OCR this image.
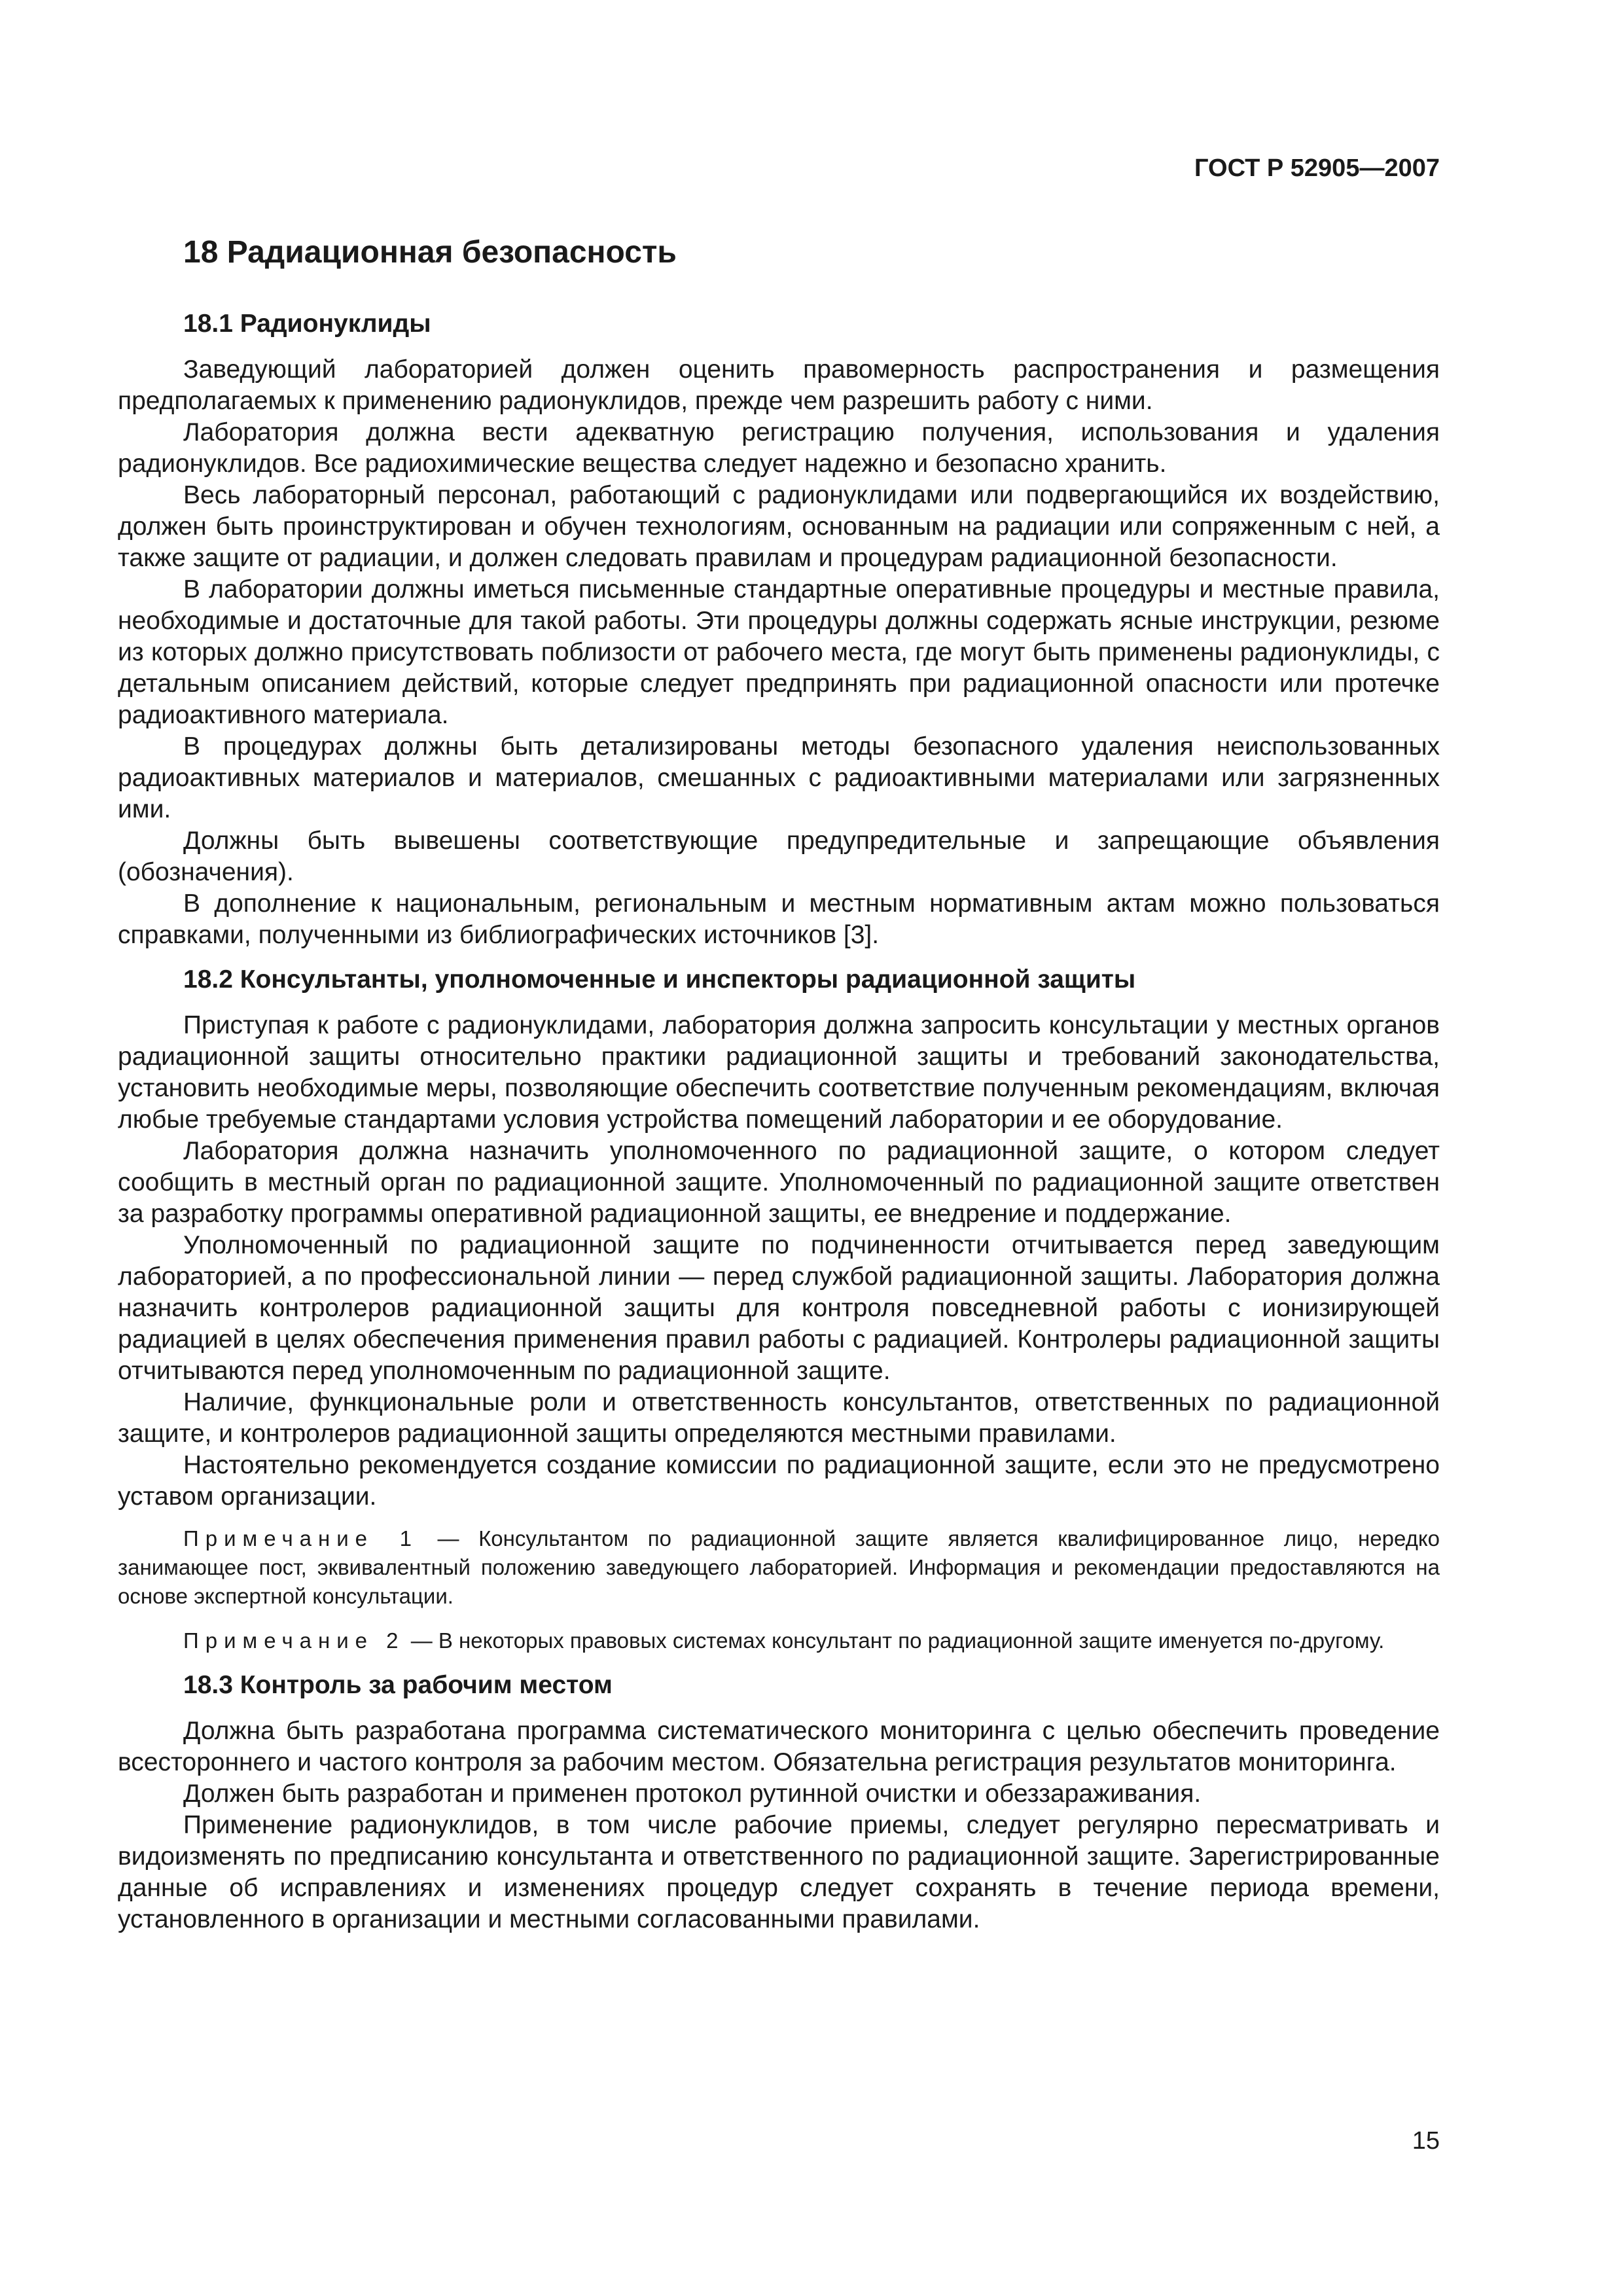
ГОСТ Р 52905—2007
18 Радиационная безопасность
18.1 Радионуклиды

Заведующий лабораторией должен оценить правомерность распространения и размещения предполагаемых к применению радионуклидов, прежде чем разрешить работу с ними.

Лаборатория должна вести адекватную регистрацию получения, использования и удаления радионуклидов. Все радиохимические вещества следует надежно и безопасно хранить.

Весь лабораторный персонал, работающий с радионуклидами или подвергающийся их воздействию, должен быть проинструктирован и обучен технологиям, основанным на радиации или сопряженным с ней, а также защите от радиации, и должен следовать правилам и процедурам радиационной безопасности.

В лаборатории должны иметься письменные стандартные оперативные процедуры и местные правила, необходимые и достаточные для такой работы. Эти процедуры должны содержать ясные инструкции, резюме из которых должно присутствовать поблизости от рабочего места, где могут быть применены радионуклиды, с детальным описанием действий, которые следует предпринять при радиационной опасности или протечке радиоактивного материала.

В процедурах должны быть детализированы методы безопасного удаления неиспользованных радиоактивных материалов и материалов, смешанных с радиоактивными материалами или загрязненных ими.

Должны быть вывешены соответствующие предупредительные и запрещающие объявления (обозначения).

В дополнение к национальным, региональным и местным нормативным актам можно пользоваться справками, полученными из библиографических источников [3].

18.2 Консультанты, уполномоченные и инспекторы радиационной защиты

Приступая к работе с радионуклидами, лаборатория должна запросить консультации у местных органов радиационной защиты относительно практики радиационной защиты и требований законодательства, установить необходимые меры, позволяющие обеспечить соответствие полученным рекомендациям, включая любые требуемые стандартами условия устройства помещений лаборатории и ее оборудование.

Лаборатория должна назначить уполномоченного по радиационной защите, о котором следует сообщить в местный орган по радиационной защите. Уполномоченный по радиационной защите ответствен за разработку программы оперативной радиационной защиты, ее внедрение и поддержание.

Уполномоченный по радиационной защите по подчиненности отчитывается перед заведующим лабораторией, а по профессиональной линии — перед службой радиационной защиты. Лаборатория должна назначить контролеров радиационной защиты для контроля повседневной работы с ионизирующей радиацией в целях обеспечения применения правил работы с радиацией. Контролеры радиационной защиты отчитываются перед уполномоченным по радиационной защите.

Наличие, функциональные роли и ответственность консультантов, ответственных по радиационной защите, и контролеров радиационной защиты определяются местными правилами.

Настоятельно рекомендуется создание комиссии по радиационной защите, если это не предусмотрено уставом организации.

Примечание 1 — Консультантом по радиационной защите является квалифицированное лицо, нередко занимающее пост, эквивалентный положению заведующего лабораторией. Информация и рекомендации предоставляются на основе экспертной консультации.

Примечание 2 — В некоторых правовых системах консультант по радиационной защите именуется по-другому.

18.3 Контроль за рабочим местом

Должна быть разработана программа систематического мониторинга с целью обеспечить проведение всестороннего и частого контроля за рабочим местом. Обязательна регистрация результатов мониторинга.

Должен быть разработан и применен протокол рутинной очистки и обеззараживания.

Применение радионуклидов, в том числе рабочие приемы, следует регулярно пересматривать и видоизменять по предписанию консультанта и ответственного по радиационной защите. Зарегистрированные данные об исправлениях и изменениях процедур следует сохранять в течение периода времени, установленного в организации и местными согласованными правилами.

15
